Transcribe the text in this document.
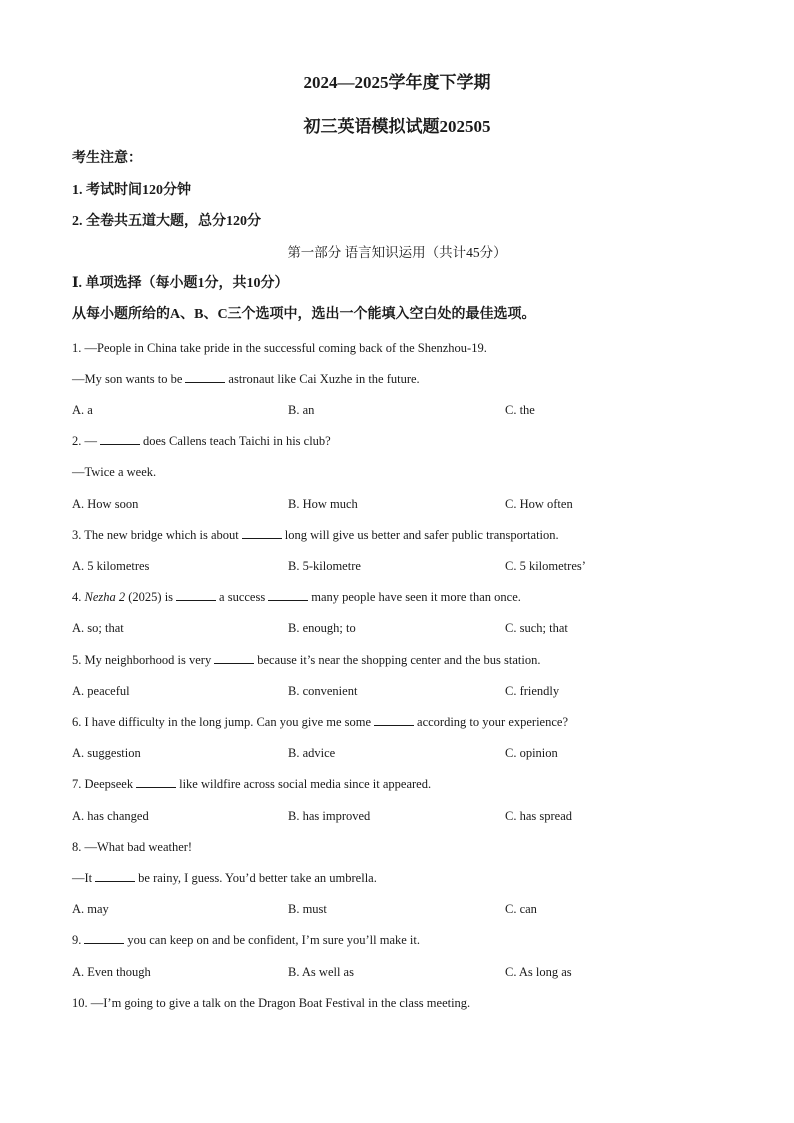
2024—2025学年度下学期
初三英语模拟试题202505
考生注意：
1. 考试时间120分钟
2. 全卷共五道大题，总分120分
第一部分 语言知识运用（共计45分）
Ⅰ. 单项选择（每小题1分，共10分）
从每小题所给的A、B、C三个选项中，选出一个能填入空白处的最佳选项。
1. —People in China take pride in the successful coming back of the Shenzhou-19.
—My son wants to be	astronaut like Cai Xuzhe in the future.
A. a	B. an	C. the
2. —	does Callens teach Taichi in his club?
—Twice a week.
A. How soon	B. How much	C. How often
3. The new bridge which is about	long will give us better and safer public transportation.
A. 5 kilometres	B. 5-kilometre	C. 5 kilometres’
4. Nezha 2 (2025) is	a success	many people have seen it more than once.
A. so; that	B. enough; to	C. such; that
5. My neighborhood is very	because it’s near the shopping center and the bus station.
A. peaceful	B. convenient	C. friendly
6. I have difficulty in the long jump. Can you give me some	according to your experience?
A. suggestion	B. advice	C. opinion
7. Deepseek	like wildfire across social media since it appeared.
A. has changed	B. has improved	C. has spread
8. —What bad weather!
—It	be rainy, I guess. You’d better take an umbrella.
A. may	B. must	C. can
9.	you can keep on and be confident, I’m sure you’ll make it.
A. Even though	B. As well as	C. As long as
10. —I’m going to give a talk on the Dragon Boat Festival in the class meeting.
